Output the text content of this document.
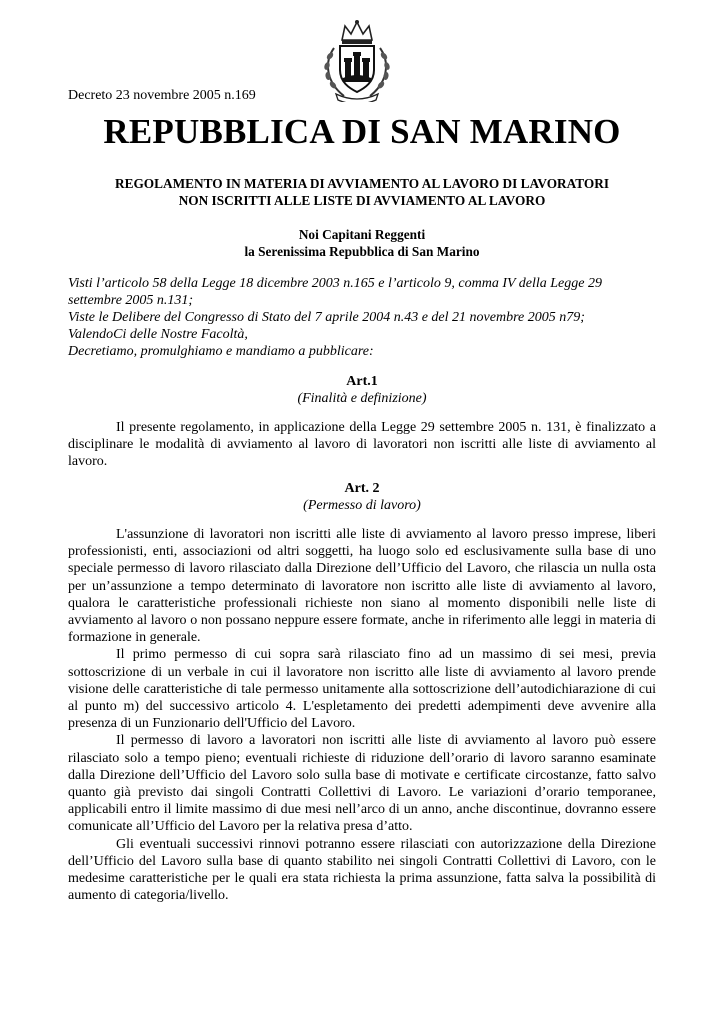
Decreto 23 novembre 2005 n.169
REPUBBLICA DI SAN MARINO
REGOLAMENTO IN MATERIA DI AVVIAMENTO AL LAVORO DI LAVORATORI
NON ISCRITTI ALLE LISTE DI AVVIAMENTO AL LAVORO
Noi Capitani Reggenti
la Serenissima Repubblica di San Marino
Visti l’articolo 58 della Legge 18 dicembre 2003 n.165 e l’articolo 9, comma IV della Legge 29 settembre 2005 n.131;
Viste le Delibere del Congresso di Stato del 7 aprile 2004 n.43 e del 21 novembre 2005 n79;
ValendoCi delle Nostre Facoltà,
Decretiamo, promulghiamo e mandiamo a pubblicare:
Art.1
(Finalità e definizione)

Il presente regolamento, in applicazione della Legge 29 settembre 2005 n. 131, è finalizzato a disciplinare le modalità di avviamento al lavoro di lavoratori non iscritti alle liste di avviamento al lavoro.

Art. 2
(Permesso di lavoro)

L'assunzione di lavoratori non iscritti alle liste di avviamento al lavoro presso imprese, liberi professionisti, enti, associazioni od altri soggetti, ha luogo solo ed esclusivamente sulla base di uno speciale permesso di lavoro rilasciato dalla Direzione dell’Ufficio del Lavoro, che rilascia un nulla osta per un’assunzione a tempo determinato di lavoratore non iscritto alle liste di avviamento al lavoro, qualora le caratteristiche professionali richieste non siano al momento disponibili nelle liste di avviamento al lavoro o non possano neppure essere formate, anche in riferimento alle leggi in materia di formazione in generale.

Il primo permesso di cui sopra sarà rilasciato fino ad un massimo di sei mesi, previa sottoscrizione di un verbale in cui il lavoratore non iscritto alle liste di avviamento al lavoro prende visione delle caratteristiche di tale permesso unitamente alla sottoscrizione dell’autodichiarazione di cui al punto m) del successivo articolo 4. L'espletamento dei predetti adempimenti deve avvenire alla presenza di un Funzionario dell'Ufficio del Lavoro.

Il permesso di lavoro a lavoratori non iscritti alle liste di avviamento al lavoro può essere rilasciato solo a tempo pieno; eventuali richieste di riduzione dell’orario di lavoro saranno esaminate dalla Direzione dell’Ufficio del Lavoro solo sulla base di motivate e certificate circostanze, fatto salvo quanto già previsto dai singoli Contratti Collettivi di Lavoro. Le variazioni d’orario temporanee, applicabili entro il limite massimo di due mesi nell’arco di un anno, anche discontinue, dovranno essere comunicate all’Ufficio del Lavoro per la relativa presa d’atto.

Gli eventuali successivi rinnovi potranno essere rilasciati con autorizzazione della Direzione dell’Ufficio del Lavoro sulla base di quanto stabilito nei singoli Contratti Collettivi di Lavoro, con le medesime caratteristiche per le quali era stata richiesta la prima assunzione, fatta salva la possibilità di aumento di categoria/livello.
